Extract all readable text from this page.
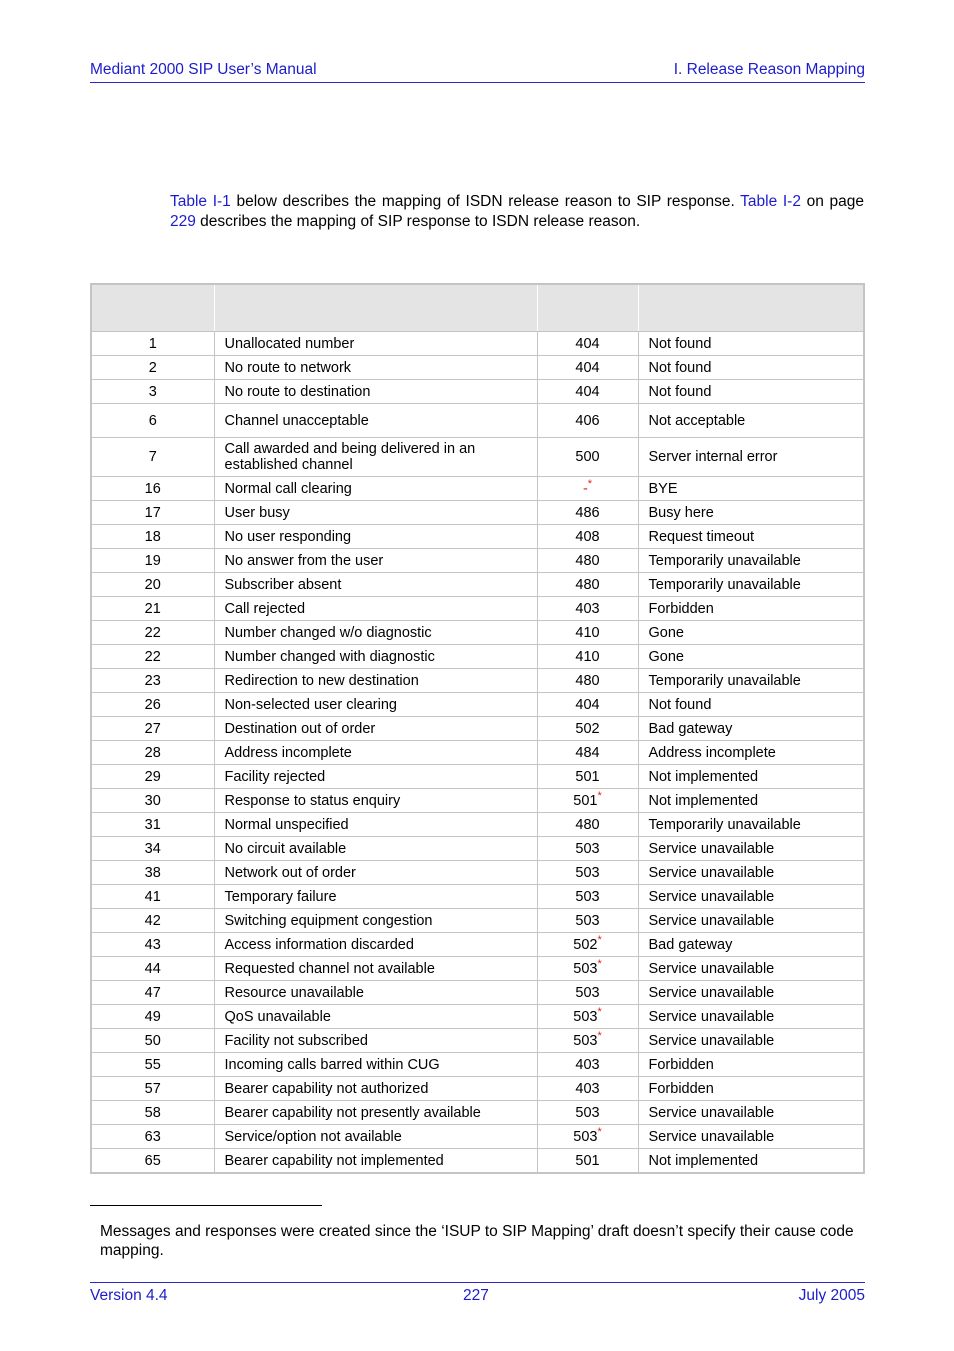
Mediant 2000 SIP User’s Manual	I. Release Reason Mapping
Table I-1 below describes the mapping of ISDN release reason to SIP response. Table I-2 on page 229 describes the mapping of SIP response to ISDN release reason.

1	Unallocated number	404	Not found
2	No route to network	404	Not found
3	No route to destination	404	Not found
6	Channel unacceptable	406	Not acceptable
7	Call awarded and being delivered in an established channel	500	Server internal error
16	Normal call clearing	-*	BYE
17	User busy	486	Busy here
18	No user responding	408	Request timeout
19	No answer from the user	480	Temporarily unavailable
20	Subscriber absent	480	Temporarily unavailable
21	Call rejected	403	Forbidden
22	Number changed w/o diagnostic	410	Gone
22	Number changed with diagnostic	410	Gone
23	Redirection to new destination	480	Temporarily unavailable
26	Non-selected user clearing	404	Not found
27	Destination out of order	502	Bad gateway
28	Address incomplete	484	Address incomplete
29	Facility rejected	501	Not implemented
30	Response to status enquiry	501*	Not implemented
31	Normal unspecified	480	Temporarily unavailable
34	No circuit available	503	Service unavailable
38	Network out of order	503	Service unavailable
41	Temporary failure	503	Service unavailable
42	Switching equipment congestion	503	Service unavailable
43	Access information discarded	502*	Bad gateway
44	Requested channel not available	503*	Service unavailable
47	Resource unavailable	503	Service unavailable
49	QoS unavailable	503*	Service unavailable
50	Facility not subscribed	503*	Service unavailable
55	Incoming calls barred within CUG	403	Forbidden
57	Bearer capability not authorized	403	Forbidden
58	Bearer capability not presently available	503	Service unavailable
63	Service/option not available	503*	Service unavailable
65	Bearer capability not implemented	501	Not implemented
Messages and responses were created since the ‘ISUP to SIP Mapping’ draft doesn’t specify their cause code mapping.
Version 4.4	227	July 2005
